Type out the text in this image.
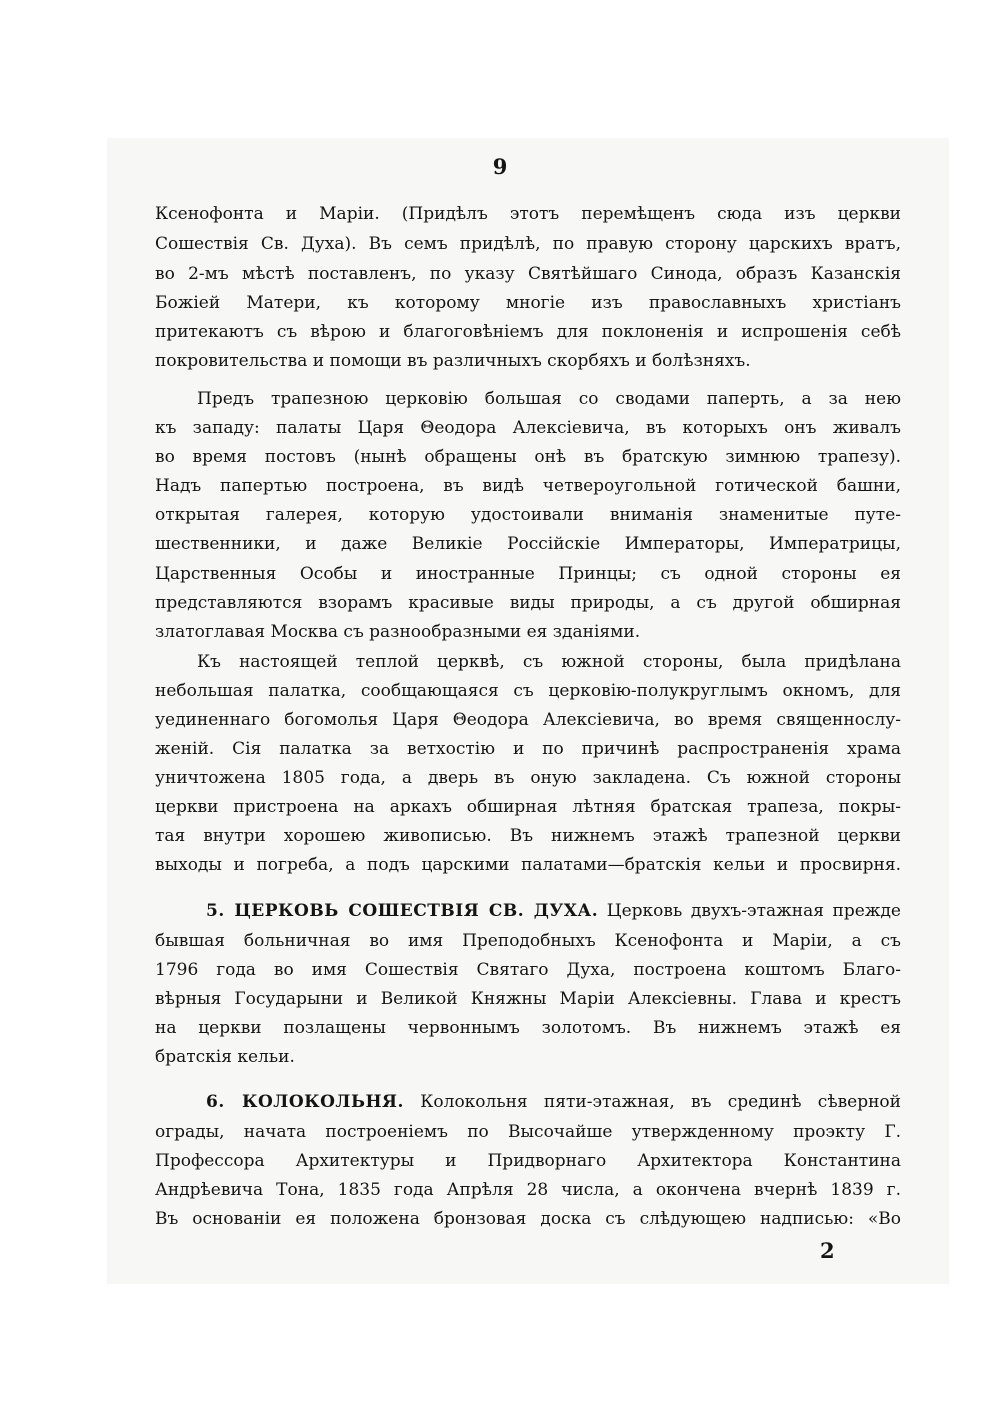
9
Ксенофонта и Маріи. (Придѣлъ этотъ перемѣщенъ сюда изъ церкви
Сошествія Св. Духа). Въ семъ придѣлѣ, по правую сторону царскихъ вратъ,
во 2-мъ мѣстѣ поставленъ, по указу Святѣйшаго Синода, образъ Казанскія
Божіей Матери, къ которому многіе изъ православныхъ христіанъ
притекаютъ съ вѣрою и благоговѣніемъ для поклоненія и испрошенія себѣ
покровительства и помощи въ различныхъ скорбяхъ и болѣзняхъ.
Предъ трапезною церковію большая со сводами паперть, а за нею
къ западу: палаты Царя Θеодора Алексіевича, въ которыхъ онъ живалъ
во время постовъ (нынѣ обращены онѣ въ братскую зимнюю трапезу).
Надъ папертью построена, въ видѣ четвероугольной готической башни,
открытая галерея, которую удостоивали вниманія знаменитые путе-
шественники, и даже Великіе Россійскіе Императоры, Императрицы,
Царственныя Особы и иностранные Принцы; съ одной стороны ея
представляются взорамъ красивые виды природы, а съ другой обширная
златоглавая Москва съ разнообразными ея зданіями.
Къ настоящей теплой церквѣ, съ южной стороны, была придѣлана
небольшая палатка, сообщающаяся съ церковію-полукруглымъ окномъ, для
уединеннаго богомолья Царя Θеодора Алексіевича, во время священнослу-
женій. Сія палатка за ветхостію и по причинѣ распространенія храма
уничтожена 1805 года, а дверь въ оную закладена. Съ южной стороны
церкви пристроена на аркахъ обширная лѣтняя братская трапеза, покры-
тая внутри хорошею живописью. Въ нижнемъ этажѣ трапезной церкви
выходы и погреба, а подъ царскими палатами—братскія кельи и просвирня.
5. ЦЕРКОВЬ СОШЕСТВІЯ СВ. ДУХА. Церковь двухъ-этажная прежде
бывшая больничная во имя Преподобныхъ Ксенофонта и Маріи, а съ
1796 года во имя Сошествія Святаго Духа, построена коштомъ Благо-
вѣрныя Государыни и Великой Княжны Маріи Алексіевны. Глава и крестъ
на церкви позлащены червоннымъ золотомъ. Въ нижнемъ этажѣ ея
братскія кельи.
6. КОЛОКОЛЬНЯ. Колокольня пяти-этажная, въ срединѣ сѣверной
ограды, начата построеніемъ по Высочайше утвержденному проэкту Г.
Профессора Архитектуры и Придворнаго Архитектора Константина
Андрѣевича Тона, 1835 года Апрѣля 28 числа, а окончена вчернѣ 1839 г.
Въ основаніи ея положена бронзовая доска съ слѣдующею надписью: «Во
2
